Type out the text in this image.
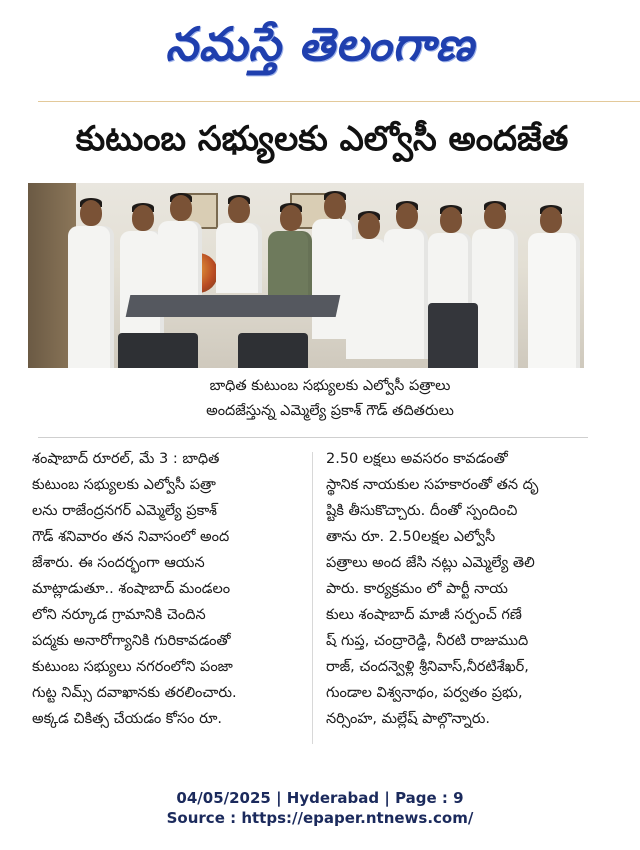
నమస్తే తెలంగాణ
కుటుంబ సభ్యులకు ఎల్వోసీ అందజేత
బాధిత కుటుంబ సభ్యులకు ఎల్వోసీ పత్రాలు
అందజేస్తున్న ఎమ్మెల్యే ప్రకాశ్ గౌడ్ తదితరులు
శంషాబాద్ రూరల్, మే 3 : బాధిత
కుటుంబ సభ్యులకు ఎల్వోసీ పత్రా
లను రాజేంద్రనగర్ ఎమ్మెల్యే ప్రకాశ్
గౌడ్ శనివారం తన నివాసంలో అంద
జేశారు. ఈ సందర్భంగా ఆయన
మాట్లాడుతూ.. శంషాబాద్ మండలం
లోని నర్కూడ గ్రామానికి చెందిన
పద్మకు అనారోగ్యానికి గురికావడంతో
కుటుంబ సభ్యులు నగరంలోని పంజా
గుట్ట నిమ్స్ దవాఖానకు తరలించారు.
అక్కడ చికిత్స చేయడం కోసం రూ.
2.50 లక్షలు అవసరం కావడంతో
స్థానిక నాయకుల సహకారంతో తన దృ
ష్టికి తీసుకొచ్చారు. దీంతో స్పందించి
తాను రూ. 2.50లక్షల ఎల్వోసీ
పత్రాలు అంద జేసి నట్లు ఎమ్మెల్యే తెలి
పారు. కార్యక్రమం లో పార్టీ నాయ
కులు శంషాబాద్ మాజీ సర్పంచ్ గణే
ష్ గుప్త, చంద్రారెడ్డి, నీరటి రాజుముది
రాజ్, చందన్వెళ్లి శ్రీనివాస్,నీరటిశేఖర్,
గుండాల విశ్వనాథం, పర్వతం ప్రభు,
నర్సింహ, మల్లేష్ పాల్గొన్నారు.
04/05/2025 | Hyderabad | Page : 9
Source : https://epaper.ntnews.com/
